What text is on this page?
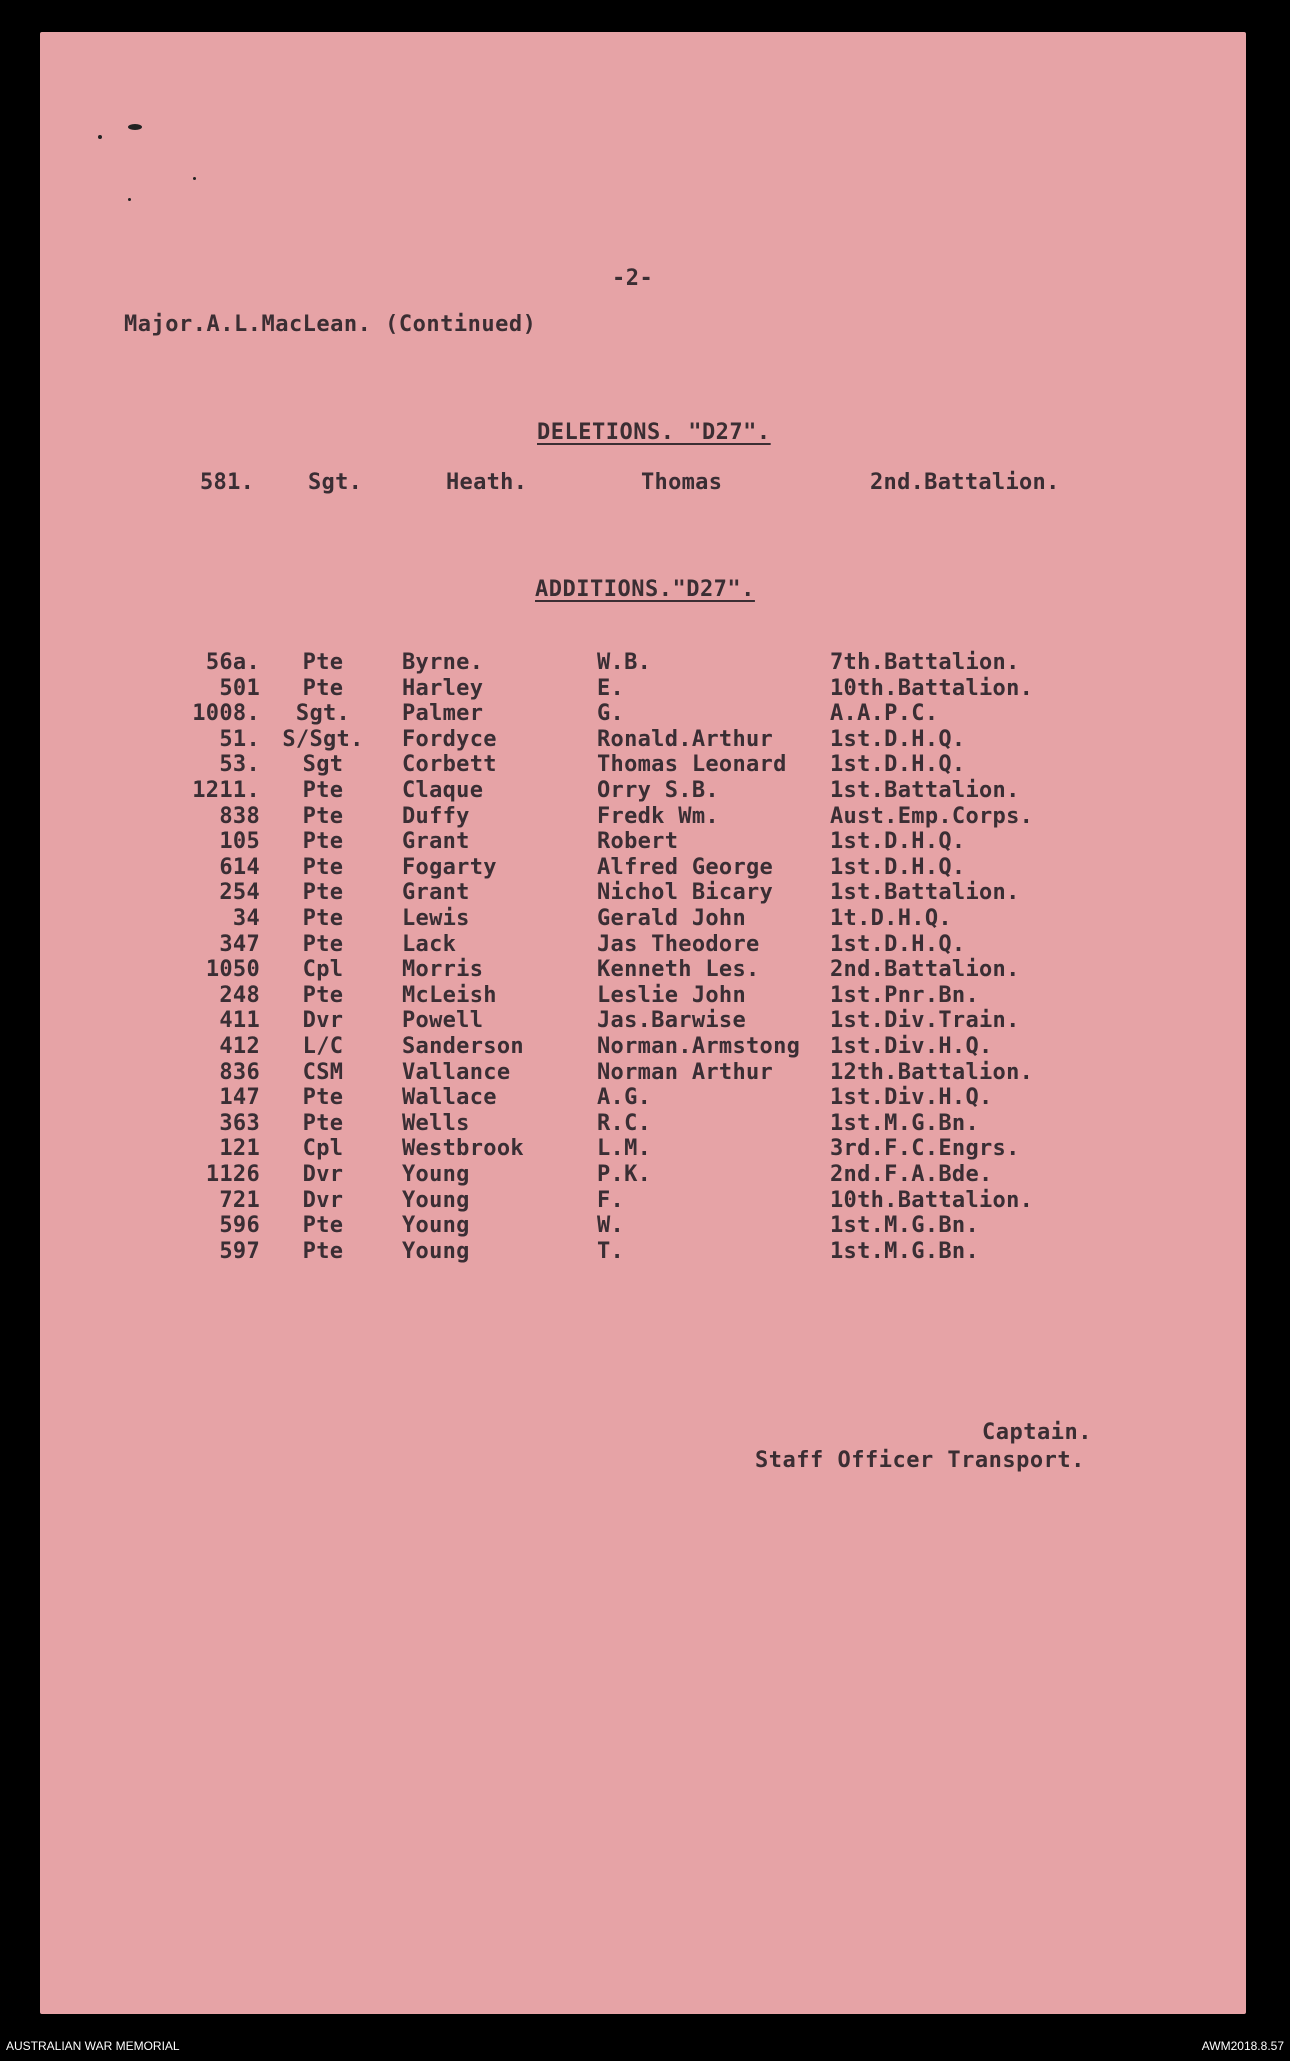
-2-
Major.A.L.MacLean. (Continued)
DELETIONS. "D27".
581. Sgt.	Heath.	Thomas	2nd.Battalion.
ADDITIONS."D27".
56a.	Pte	Byrne.	W.B.	7th.Battalion.
501	Pte	Harley	E.	10th.Battalion.
1008.	Sgt.	Palmer	G.	A.A.P.C.
51.	S/Sgt.	Fordyce	Ronald.Arthur	1st.D.H.Q.
53.	Sgt	Corbett	Thomas Leonard 1st.D.H.Q.
1211.	Pte	Claque	Orry S.B.	1st.Battalion.
838	Pte	Duffy	Fredk Wm.	Aust.Emp.Corps.
105	Pte	Grant	Robert	1st.D.H.Q.
614	Pte	Fogarty	Alfred George	1st.D.H.Q.
254	Pte	Grant	Nichol Bicary	1st.Battalion.
34	Pte	Lewis	Gerald John	1t.D.H.Q.
347	Pte	Lack	Jas Theodore	1st.D.H.Q.
1050	Cpl	Morris	Kenneth Les.	2nd.Battalion.
248	Pte	McLeish	Leslie John	1st.Pnr.Bn.
411	Dvr	Powell	Jas.Barwise	1st.Div.Train.
412	L/C	Sanderson	Norman.Armstong 1st.Div.H.Q.
836	CSM	Vallance	Norman Arthur	12th.Battalion.
147	Pte	Wallace	A.G.	1st.Div.H.Q.
363	Pte	Wells	R.C.	1st.M.G.Bn.
121	Cpl	Westbrook	L.M.	3rd.F.C.Engrs.
1126	Dvr	Young	P.K.	2nd.F.A.Bde.
721	Dvr	Young	F.	10th.Battalion.
596	Pte	Young	W.	1st.M.G.Bn.
597	Pte	Young	T.	1st.M.G.Bn.
Captain.
Staff Officer Transport.
AUSTRALIAN WAR MEMORIAL	AWM2018.8.57
